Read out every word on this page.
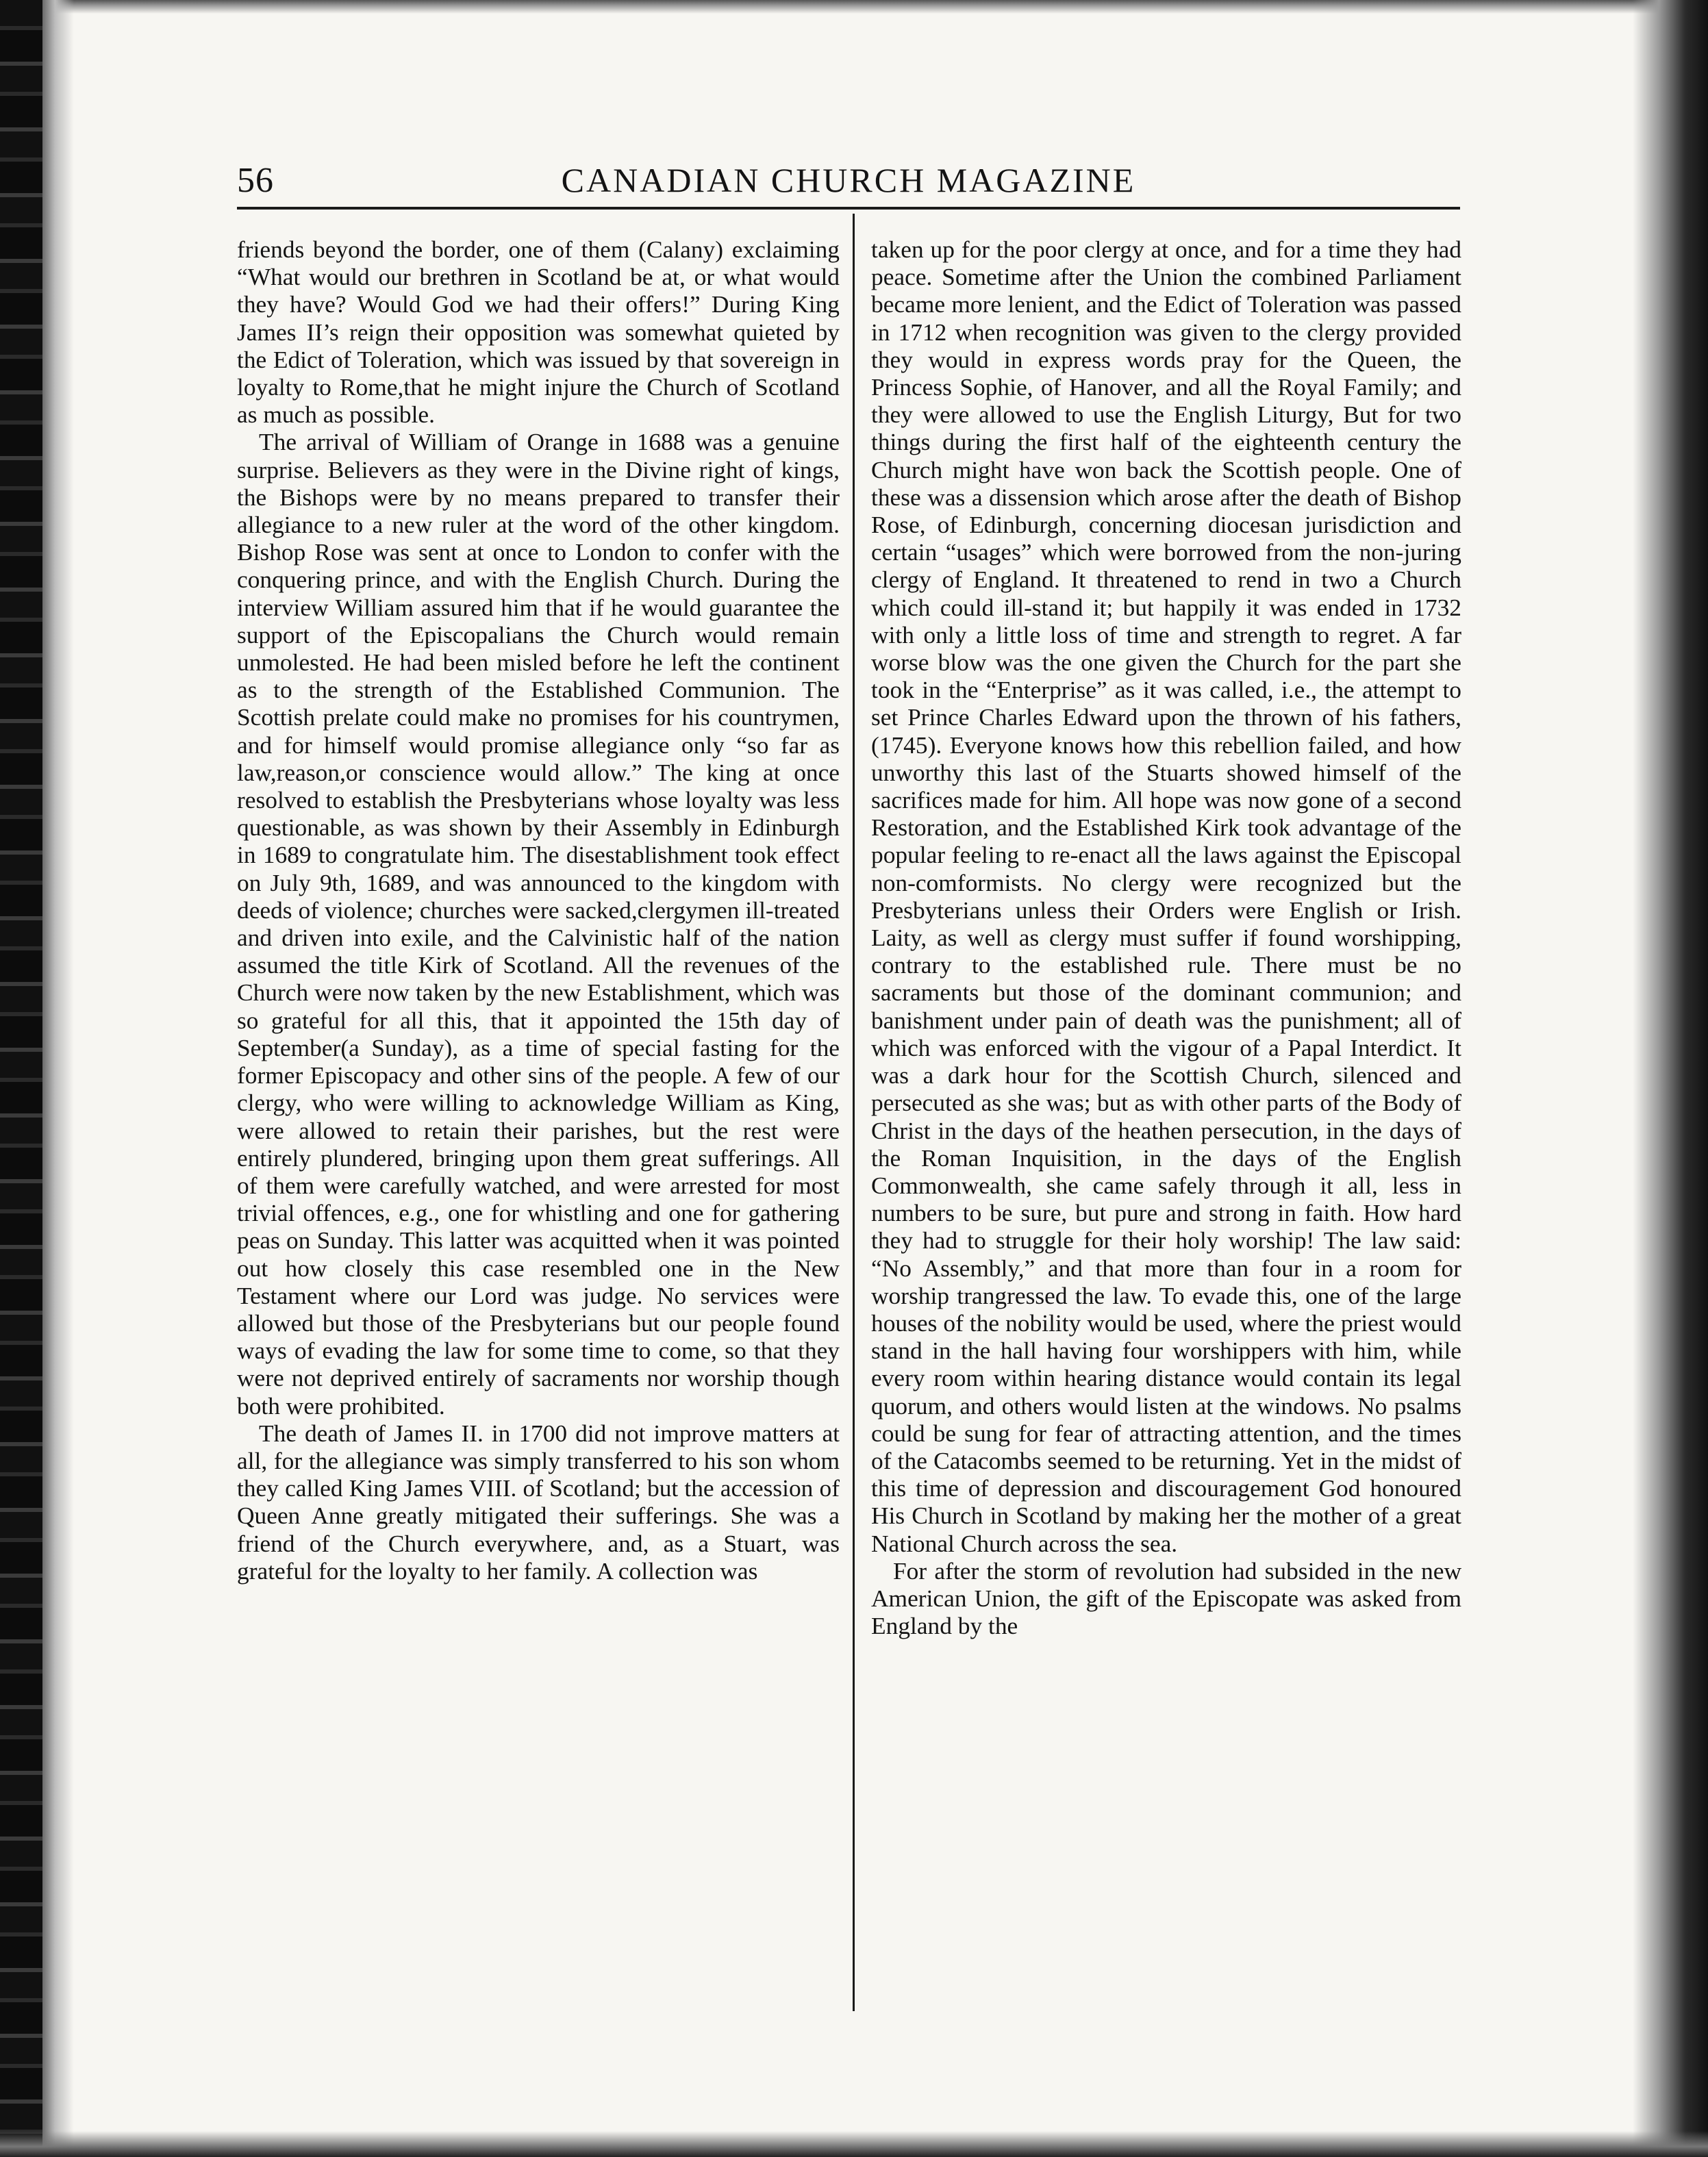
56	CANADIAN CHURCH MAGAZINE

friends beyond the border, one of them (Calany) exclaiming “What would our brethren in Scotland be at, or what would they have? Would God we had their offers!” During King James II’s reign their opposition was somewhat quieted by the Edict of Toleration, which was issued by that sovereign in loyalty to Rome,that he might injure the Church of Scotland as much as possible.

The arrival of William of Orange in 1688 was a genuine surprise. Believers as they were in the Divine right of kings, the Bishops were by no means prepared to transfer their allegiance to a new ruler at the word of the other kingdom. Bishop Rose was sent at once to London to confer with the conquering prince, and with the English Church. During the interview William assured him that if he would guarantee the support of the Episcopalians the Church would remain unmolested. He had been misled before he left the continent as to the strength of the Established Communion. The Scottish prelate could make no promises for his countrymen, and for himself would promise allegiance only “so far as law,reason,or conscience would allow.” The king at once resolved to establish the Presbyterians whose loyalty was less questionable, as was shown by their Assembly in Edinburgh in 1689 to congratulate him. The disestablishment took effect on July 9th, 1689, and was announced to the kingdom with deeds of violence; churches were sacked,clergymen ill-treated and driven into exile, and the Calvinistic half of the nation assumed the title Kirk of Scotland. All the revenues of the Church were now taken by the new Establishment, which was so grateful for all this, that it appointed the 15th day of September(a Sunday), as a time of special fasting for the former Episcopacy and other sins of the people. A few of our clergy, who were willing to acknowledge William as King, were allowed to retain their parishes, but the rest were entirely plundered, bringing upon them great sufferings. All of them were carefully watched, and were arrested for most trivial offences, e.g., one for whistling and one for gathering peas on Sunday. This latter was acquitted when it was pointed out how closely this case resembled one in the New Testament where our Lord was judge. No services were allowed but those of the Presbyterians but our people found ways of evading the law for some time to come, so that they were not deprived entirely of sacraments nor worship though both were prohibited.

The death of James II. in 1700 did not improve matters at all, for the allegiance was simply transferred to his son whom they called King James VIII. of Scotland; but the accession of Queen Anne greatly mitigated their sufferings. She was a friend of the Church everywhere, and, as a Stuart, was grateful for the loyalty to her family. A collection was

taken up for the poor clergy at once, and for a time they had peace. Sometime after the Union the combined Parliament became more lenient, and the Edict of Toleration was passed in 1712 when recognition was given to the clergy provided they would in express words pray for the Queen, the Princess Sophie, of Hanover, and all the Royal Family; and they were allowed to use the English Liturgy, But for two things during the first half of the eighteenth century the Church might have won back the Scottish people. One of these was a dissension which arose after the death of Bishop Rose, of Edinburgh, concerning diocesan jurisdiction and certain “usages” which were borrowed from the non-juring clergy of England. It threatened to rend in two a Church which could ill-stand it; but happily it was ended in 1732 with only a little loss of time and strength to regret. A far worse blow was the one given the Church for the part she took in the “Enterprise” as it was called, i.e., the attempt to set Prince Charles Edward upon the thrown of his fathers, (1745). Everyone knows how this rebellion failed, and how unworthy this last of the Stuarts showed himself of the sacrifices made for him. All hope was now gone of a second Restoration, and the Established Kirk took advantage of the popular feeling to re-enact all the laws against the Episcopal non-comformists. No clergy were recognized but the Presbyterians unless their Orders were English or Irish. Laity, as well as clergy must suffer if found worshipping, contrary to the established rule. There must be no sacraments but those of the dominant communion; and banishment under pain of death was the punishment; all of which was enforced with the vigour of a Papal Interdict. It was a dark hour for the Scottish Church, silenced and persecuted as she was; but as with other parts of the Body of Christ in the days of the heathen persecution, in the days of the Roman Inquisition, in the days of the English Commonwealth, she came safely through it all, less in numbers to be sure, but pure and strong in faith. How hard they had to struggle for their holy worship! The law said: “No Assembly,” and that more than four in a room for worship trangressed the law. To evade this, one of the large houses of the nobility would be used, where the priest would stand in the hall having four worshippers with him, while every room within hearing distance would contain its legal quorum, and others would listen at the windows. No psalms could be sung for fear of attracting attention, and the times of the Catacombs seemed to be returning. Yet in the midst of this time of depression and discouragement God honoured His Church in Scotland by making her the mother of a great National Church across the sea.

For after the storm of revolution had subsided in the new American Union, the gift of the Episcopate was asked from England by the
